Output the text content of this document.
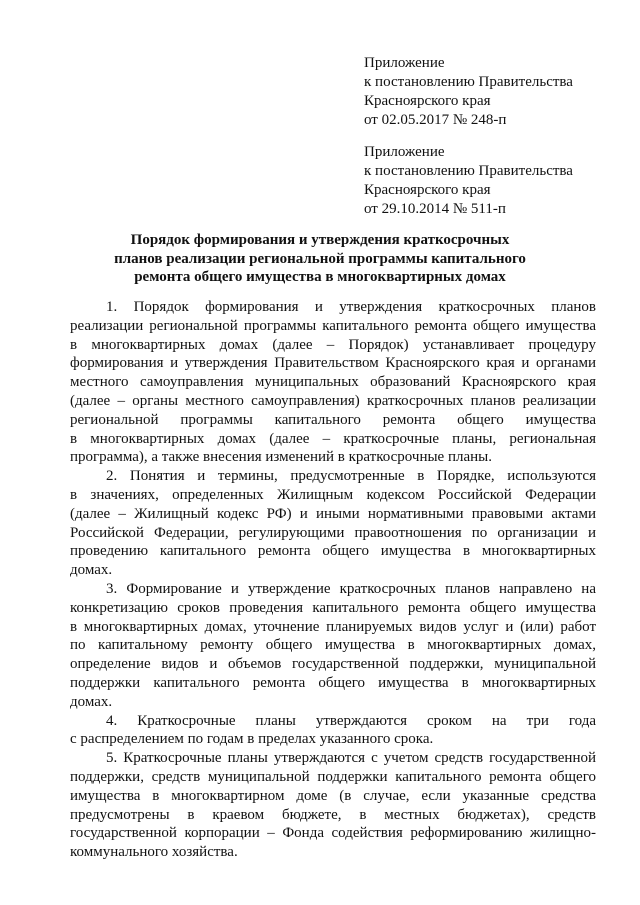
Приложение
к постановлению Правительства
Красноярского края
от 02.05.2017 № 248-п
Приложение
к постановлению Правительства
Красноярского края
от 29.10.2014 № 511-п
Порядок формирования и утверждения краткосрочных
планов реализации региональной программы капитального
ремонта общего имущества в многоквартирных домах
1. Порядок формирования и утверждения краткосрочных планов
реализации региональной программы капитального ремонта общего имущества
в многоквартирных домах (далее – Порядок) устанавливает процедуру
формирования и утверждения Правительством Красноярского края и органами
местного самоуправления муниципальных образований Красноярского края
(далее – органы местного самоуправления) краткосрочных планов реализации
региональной программы капитального ремонта общего имущества
в многоквартирных домах (далее – краткосрочные планы, региональная
программа), а также внесения изменений в краткосрочные планы.
2. Понятия и термины, предусмотренные в Порядке, используются
в значениях, определенных Жилищным кодексом Российской Федерации
(далее – Жилищный кодекс РФ) и иными нормативными правовыми актами
Российской Федерации, регулирующими правоотношения по организации и
проведению капитального ремонта общего имущества в многоквартирных
домах.
3. Формирование и утверждение краткосрочных планов направлено на
конкретизацию сроков проведения капитального ремонта общего имущества
в многоквартирных домах, уточнение планируемых видов услуг и (или) работ
по капитальному ремонту общего имущества в многоквартирных домах,
определение видов и объемов государственной поддержки, муниципальной
поддержки капитального ремонта общего имущества в многоквартирных
домах.
4. Краткосрочные планы утверждаются сроком на три года
с распределением по годам в пределах указанного срока.
5. Краткосрочные планы утверждаются с учетом средств государственной
поддержки, средств муниципальной поддержки капитального ремонта общего
имущества в многоквартирном доме (в случае, если указанные средства
предусмотрены в краевом бюджете, в местных бюджетах), средств
государственной корпорации – Фонда содействия реформированию жилищно-
коммунального хозяйства.
